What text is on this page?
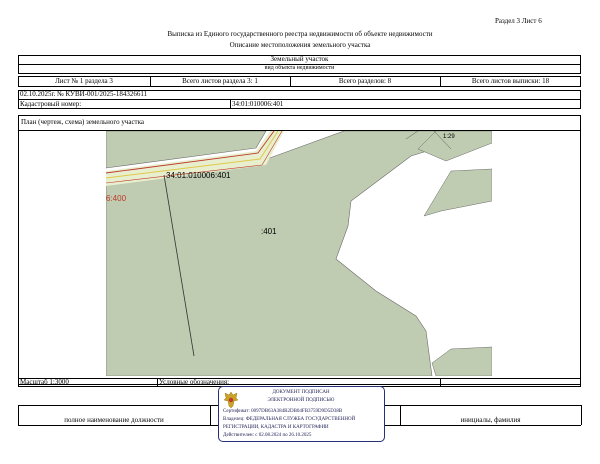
Раздел 3 Лист 6
Выписка из Единого государственного реестра недвижимости об объекте недвижимости
Описание местоположения земельного участка
Земельный участок
вид объекта недвижимости
Лист № 1 раздела 3	Всего листов раздела 3: 1	Всего разделов: 8	Всего листов выписки: 18
02.10.2025г. № КУВИ-001/2025-184326611
Кадастровый номер:	34:01:010006:401
План (чертеж, схема) земельного участка
34:01:010006:401
6:400
:401
1:29
Масштаб 1:3000	Условные обозначения:
полное наименование должности	инициалы, фамилия
ДОКУМЕНТ ПОДПИСАН
ЭЛЕКТРОННОЙ ПОДПИСЬЮ
Сертификат: 0097DB63A384B2DB04FB3759D9D5D38B
Владелец: ФЕДЕРАЛЬНАЯ СЛУЖБА ГОСУДАРСТВЕННОЙ
РЕГИСТРАЦИИ, КАДАСТРА И КАРТОГРАФИИ
Действителен: с 02.08.2024 по 26.10.2025
